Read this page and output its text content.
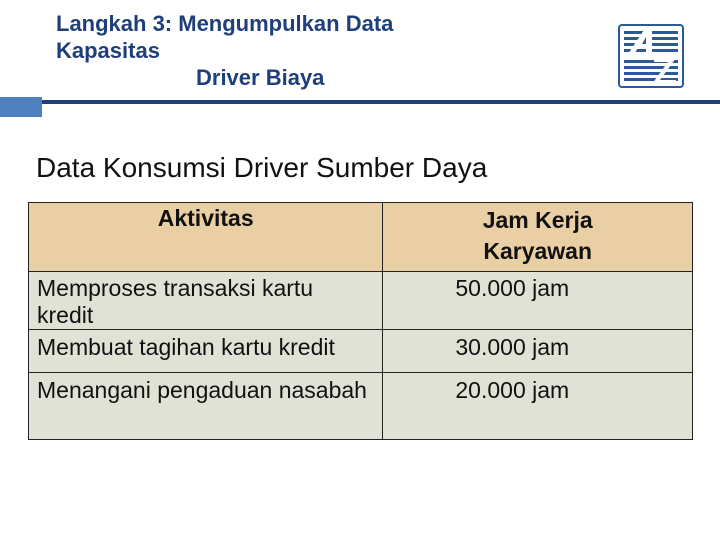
Langkah 3: Mengumpulkan Data
Kapasitas
Driver Biaya
Data Konsumsi Driver Sumber Daya
Aktivitas	Jam Kerja
Karyawan

Memproses transaksi kartu kredit	50.000 jam
Membuat tagihan kartu kredit	30.000 jam
Menangani pengaduan nasabah	20.000 jam
